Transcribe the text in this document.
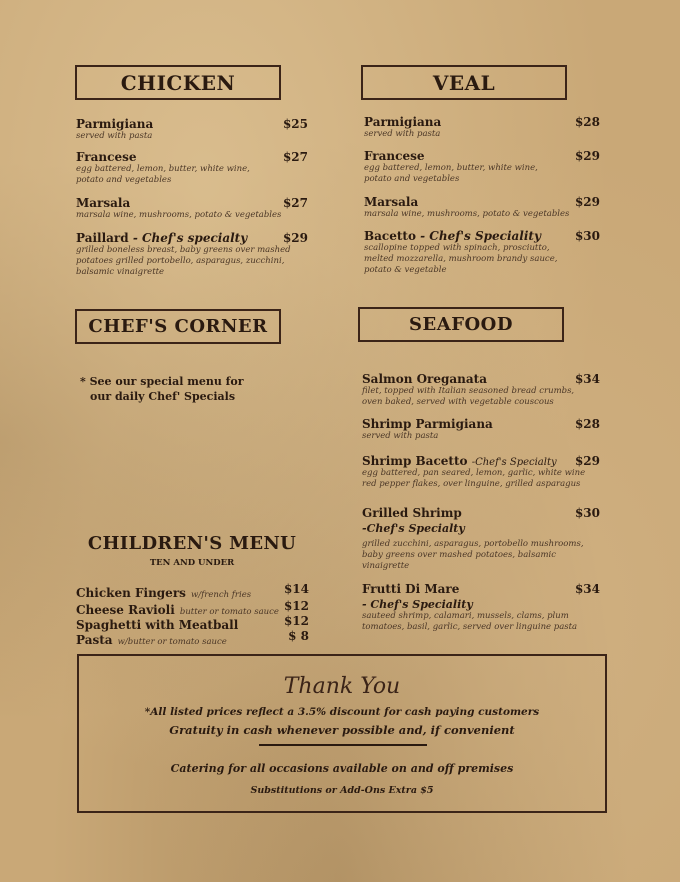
CHICKEN	VEAL
CHEF'S CORNER	SEAFOOD
Parmigiana	$25
served with pasta
Francese	$27
egg battered, lemon, butter, white wine, potato and vegetables
Marsala	$27
marsala wine, mushrooms, potato & vegetables
Paillard - Chef's specialty	$29
grilled boneless breast, baby greens over mashed potatoes grilled portobello, asparagus, zucchini, balsamic vinaigrette
Parmigiana	$28
served with pasta
Francese	$29
egg battered, lemon, butter, white wine, potato and vegetables
Marsala	$29
marsala wine, mushrooms, potato & vegetables
Bacetto - Chef's Speciality	$30
scallopine topped with spinach, prosciutto, melted mozzarella, mushroom brandy sauce, potato & vegetable
* See our special menu for
our daily Chef' Specials
Salmon Oreganata	$34
filet, topped with Italian seasoned bread crumbs, oven baked, served with vegetable couscous
Shrimp Parmigiana	$28
served with pasta
Shrimp Bacetto -Chef's Specialty $29
egg battered, pan seared, lemon, garlic, white wine red pepper flakes, over linguine, grilled asparagus
Grilled Shrimp	$30
-Chef's Specialty
grilled zucchini, asparagus, portobello mushrooms, baby greens over mashed potatoes, balsamic vinaigrette
Frutti Di Mare	$34
- Chef's Speciality
sauteed shrimp, calamari, mussels, clams, plum tomatoes, basil, garlic, served over linguine pasta
CHILDREN'S MENU
TEN AND UNDER
Chicken Fingers w/french fries	$14
Cheese Ravioli butter or tomato sauce $12
Spaghetti with Meatball	$12
Pasta w/butter or tomato sauce	$ 8
Thank You
*All listed prices reflect a 3.5% discount for cash paying customers
Gratuity in cash whenever possible and, if convenient
Catering for all occasions available on and off premises
Substitutions or Add-Ons Extra $5
